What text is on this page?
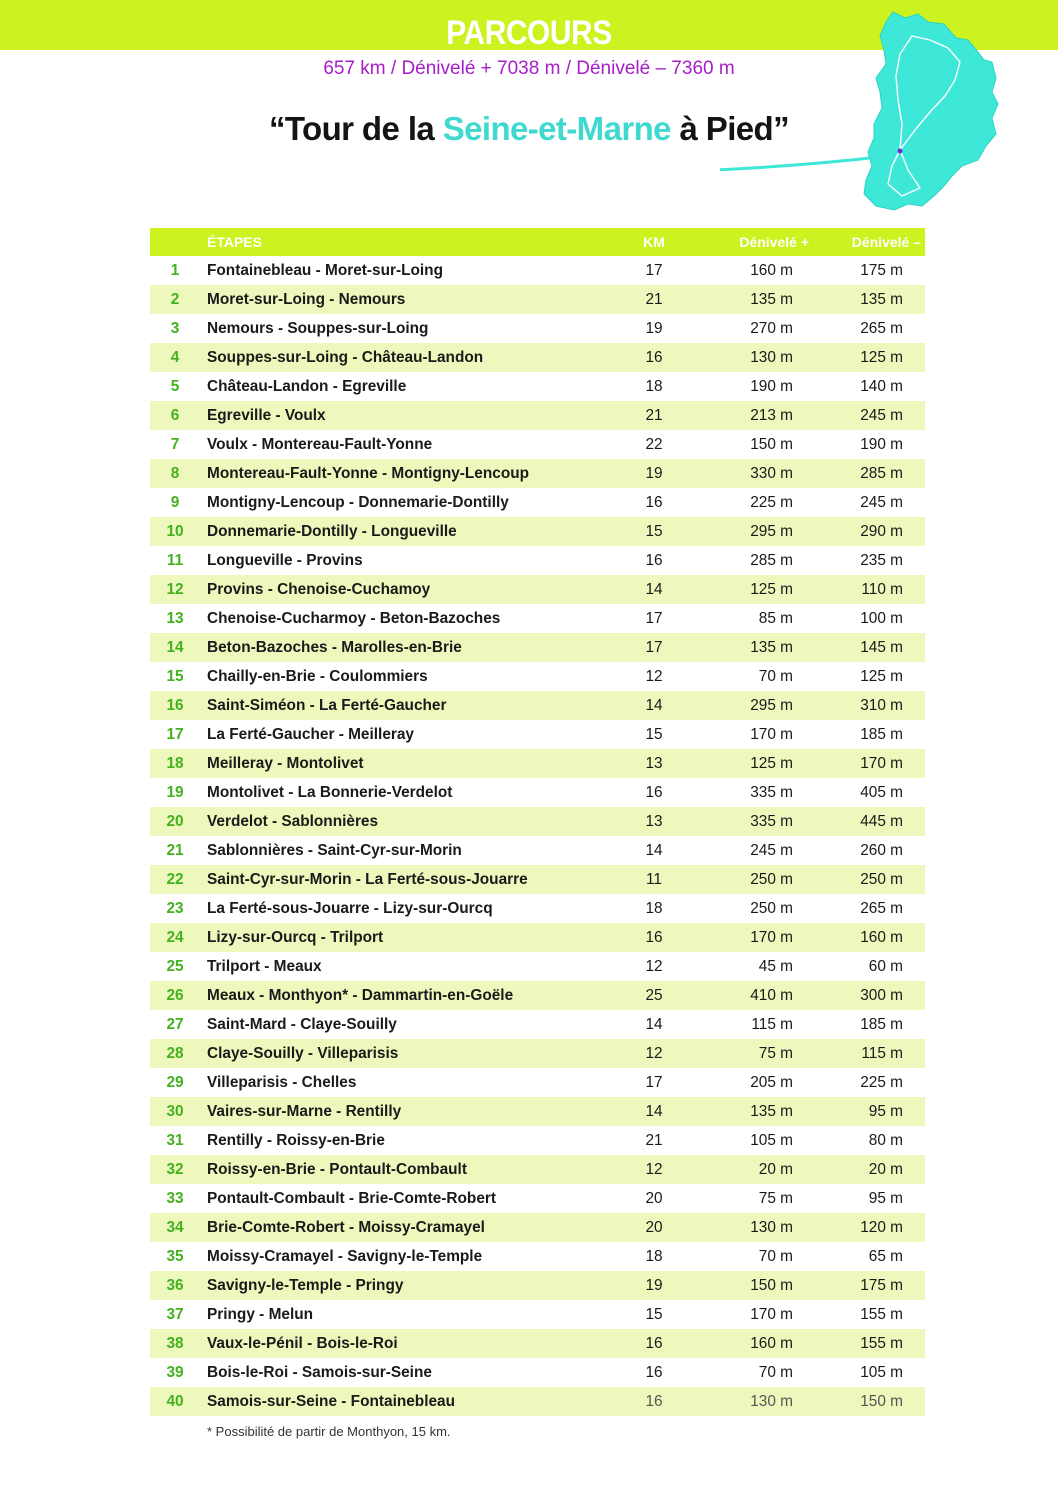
PARCOURS
657 km / Dénivelé + 7038 m / Dénivelé – 7360 m
“Tour de la Seine-et-Marne à Pied”
	ÉTAPES	KM	Dénivelé +	Dénivelé –
1	Fontainebleau - Moret-sur-Loing	17	160 m	175 m
2	Moret-sur-Loing - Nemours	21	135 m	135 m
3	Nemours - Souppes-sur-Loing	19	270 m	265 m
4	Souppes-sur-Loing - Château-Landon	16	130 m	125 m
5	Château-Landon - Egreville	18	190 m	140 m
6	Egreville - Voulx	21	213 m	245 m
7	Voulx - Montereau-Fault-Yonne	22	150 m	190 m
8	Montereau-Fault-Yonne - Montigny-Lencoup	19	330 m	285 m
9	Montigny-Lencoup - Donnemarie-Dontilly	16	225 m	245 m
10	Donnemarie-Dontilly - Longueville	15	295 m	290 m
11	Longueville - Provins	16	285 m	235 m
12	Provins - Chenoise-Cuchamoy	14	125 m	110 m
13	Chenoise-Cucharmoy - Beton-Bazoches	17	85 m	100 m
14	Beton-Bazoches - Marolles-en-Brie	17	135 m	145 m
15	Chailly-en-Brie - Coulommiers	12	70 m	125 m
16	Saint-Siméon - La Ferté-Gaucher	14	295 m	310 m
17	La Ferté-Gaucher - Meilleray	15	170 m	185 m
18	Meilleray - Montolivet	13	125 m	170 m
19	Montolivet - La Bonnerie-Verdelot	16	335 m	405 m
20	Verdelot - Sablonnières	13	335 m	445 m
21	Sablonnières - Saint-Cyr-sur-Morin	14	245 m	260 m
22	Saint-Cyr-sur-Morin - La Ferté-sous-Jouarre	11	250 m	250 m
23	La Ferté-sous-Jouarre - Lizy-sur-Ourcq	18	250 m	265 m
24	Lizy-sur-Ourcq - Trilport	16	170 m	160 m
25	Trilport - Meaux	12	45 m	60 m
26	Meaux - Monthyon* - Dammartin-en-Goële	25	410 m	300 m
27	Saint-Mard - Claye-Souilly	14	115 m	185 m
28	Claye-Souilly - Villeparisis	12	75 m	115 m
29	Villeparisis - Chelles	17	205 m	225 m
30	Vaires-sur-Marne - Rentilly	14	135 m	95 m
31	Rentilly - Roissy-en-Brie	21	105 m	80 m
32	Roissy-en-Brie - Pontault-Combault	12	20 m	20 m
33	Pontault-Combault - Brie-Comte-Robert	20	75 m	95 m
34	Brie-Comte-Robert - Moissy-Cramayel	20	130 m	120 m
35	Moissy-Cramayel - Savigny-le-Temple	18	70 m	65 m
36	Savigny-le-Temple - Pringy	19	150 m	175 m
37	Pringy - Melun	15	170 m	155 m
38	Vaux-le-Pénil - Bois-le-Roi	16	160 m	155 m
39	Bois-le-Roi - Samois-sur-Seine	16	70 m	105 m
40	Samois-sur-Seine - Fontainebleau	16	130 m	150 m
* Possibilité de partir de Monthyon, 15 km.
